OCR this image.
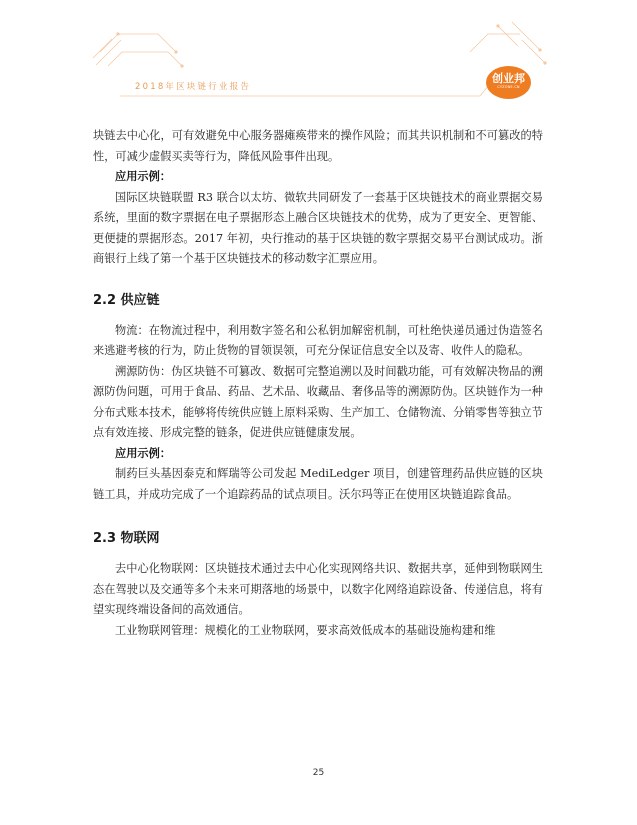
2018年区块链行业报告
创业邦
CYZONE.CN

块链去中心化，可有效避免中心服务器瘫痪带来的操作风险；而其共识机制和不可篡改的特性，可减少虚假买卖等行为，降低风险事件出现。

应用示例：

国际区块链联盟 R3 联合以太坊、微软共同研发了一套基于区块链技术的商业票据交易系统，里面的数字票据在电子票据形态上融合区块链技术的优势，成为了更安全、更智能、更便捷的票据形态。2017 年初，央行推动的基于区块链的数字票据交易平台测试成功。浙商银行上线了第一个基于区块链技术的移动数字汇票应用。

2.2 供应链

物流：在物流过程中，利用数字签名和公私钥加解密机制，可杜绝快递员通过伪造签名来逃避考核的行为，防止货物的冒领误领，可充分保证信息安全以及寄、收件人的隐私。

溯源防伪：伪区块链不可篡改、数据可完整追溯以及时间戳功能，可有效解决物品的溯源防伪问题，可用于食品、药品、艺术品、收藏品、奢侈品等的溯源防伪。区块链作为一种分布式账本技术，能够将传统供应链上原料采购、生产加工、仓储物流、分销零售等独立节点有效连接、形成完整的链条，促进供应链健康发展。

应用示例：

制药巨头基因泰克和辉瑞等公司发起 MediLedger 项目，创建管理药品供应链的区块链工具，并成功完成了一个追踪药品的试点项目。沃尔玛等正在使用区块链追踪食品。

2.3 物联网

去中心化物联网：区块链技术通过去中心化实现网络共识、数据共享，延伸到物联网生态在驾驶以及交通等多个未来可期落地的场景中，以数字化网络追踪设备、传递信息，将有望实现终端设备间的高效通信。

工业物联网管理：规模化的工业物联网，要求高效低成本的基础设施构建和维

25
